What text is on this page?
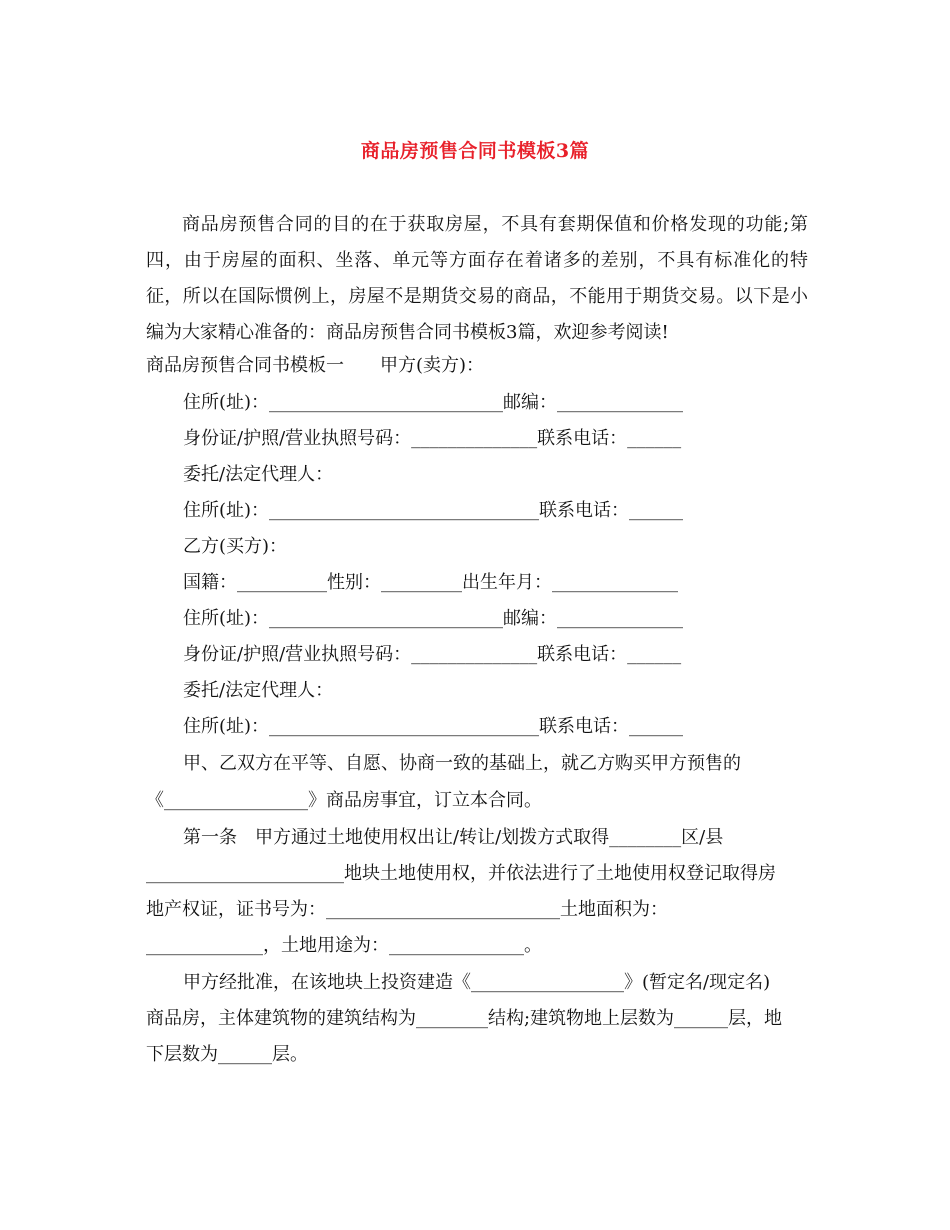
商品房预售合同书模板3篇

商品房预售合同的目的在于获取房屋，不具有套期保值和价格发现的功能;第四，由于房屋的面积、坐落、单元等方面存在着诸多的差别，不具有标准化的特征，所以在国际惯例上，房屋不是期货交易的商品，不能用于期货交易。以下是小编为大家精心准备的：商品房预售合同书模板3篇，欢迎参考阅读!

商品房预售合同书模板一　　甲方(卖方)：
住所(址)：__________________________邮编：______________
身份证/护照/营业执照号码：______________联系电话：______
委托/法定代理人：
住所(址)：______________________________联系电话：______
乙方(买方)：
国籍：__________性别：_________出生年月：______________
住所(址)：__________________________邮编：______________
身份证/护照/营业执照号码：______________联系电话：______
委托/法定代理人：
住所(址)：______________________________联系电话：______
甲、乙双方在平等、自愿、协商一致的基础上，就乙方购买甲方预售的
《________________》商品房事宜，订立本合同。
第一条　甲方通过土地使用权出让/转让/划拨方式取得________区/县
______________________地块土地使用权，并依法进行了土地使用权登记取得房
地产权证，证书号为：__________________________土地面积为：
_____________，土地用途为：_______________。
甲方经批准，在该地块上投资建造《_________________》(暂定名/现定名)
商品房，主体建筑物的建筑结构为________结构;建筑物地上层数为______层，地
下层数为______层。
